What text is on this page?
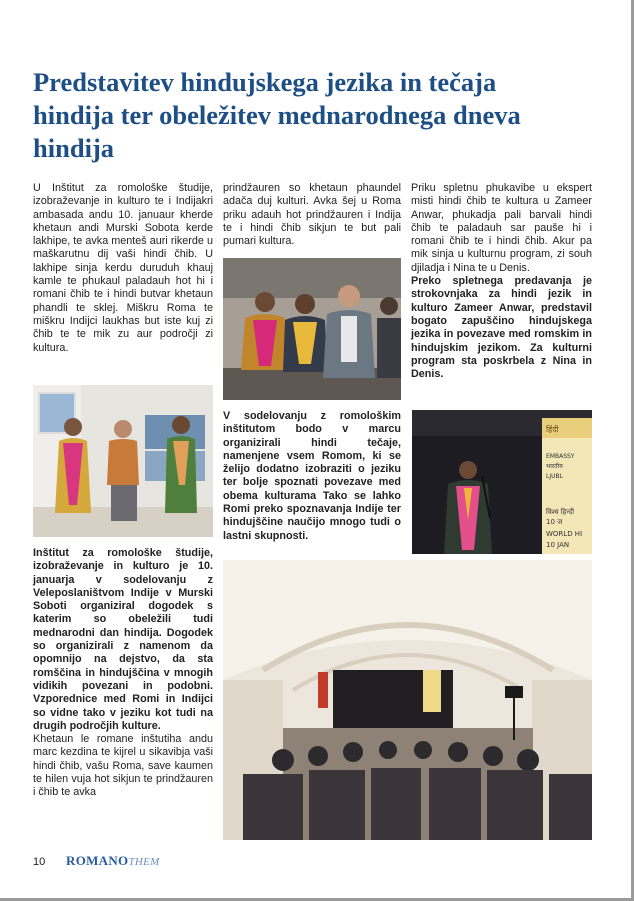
Predstavitev hindujskega jezika in tečaja hindija ter obeležitev mednarodnega dneva hindija

U Inštitut za romološke študije, izobraževanje in kulturo te i Indijakri ambasada andu 10. januaur kherde khetaun andi Murski Sobota kerde lakhipe, te avka menteš auri rikerde u maškarutnu dij vaši hindi čhib. U lakhipe sinja kerdu duruduh khauj kamle te phukaul paladauh hot hi i romani čhib te i hindi butvar khetaun phandli te sklej. Miškru Roma te miškru Indijci laukhas but iste kuj zi čhib te te mik zu aur področji zi kultura.

Inštitut za romološke študije, izobraževanje in kulturo je 10. januarja v sodelovanju z Veleposlaništvom Indije v Murski Soboti organiziral dogodek s katerim so obeležili tudi mednarodni dan hindija. Dogodek so organizirali z namenom da opomnijo na dejstvo, da sta romščina in hindujščina v mnogih vidikih povezani in podobni. Vzporednice med Romi in Indijci so vidne tako v jeziku kot tudi na drugih področjih kulture.

Khetaun le romane inštutiha andu marc kezdina te kijrel u sikavibja vaši hindi čhib, vašu Roma, save kaumen te hilen vuja hot sikjun te prindžauren i čhib te avka

prindžauren so khetaun phaundel adača duj kulturi. Avka šej u Roma priku adauh hot prindžauren i Indija te i hindi čhib sikjun te but pali pumari kultura.

V sodelovanju z romološkim inštitutom bodo v marcu organizirali hindi tečaje, namenjene vsem Romom, ki se želijo dodatno izobraziti o jeziku ter bolje spoznati povezave med obema kulturama Tako se lahko Romi preko spoznavanja Indije ter hindujščine naučijo mnogo tudi o lastni skupnosti.

Priku spletnu phukavibe u ekspert misti hindi čhib te kultura u Zameer Anwar, phukadja pali barvali hindi čhib te paladauh sar pauše hi i romani čhib te i hindi čhib. Akur pa mik sinja u kulturnu program, zi souh djiladja i Nina te u Denis.

Preko spletnega predavanja je strokovnjaka za hindi jezik in kulturo Zameer Anwar, predstavil bogato zapuščino hindujskega jezika in povezave med romskim in hindujskim jezikom. Za kulturni program sta poskrbela z Nina in Denis.

हिंदी
EMBASSY
भारतीय
LJUBL
विश्व हिन्दी
10 ज
WORLD HI
10 JAN
10 ROMANOTHEM
